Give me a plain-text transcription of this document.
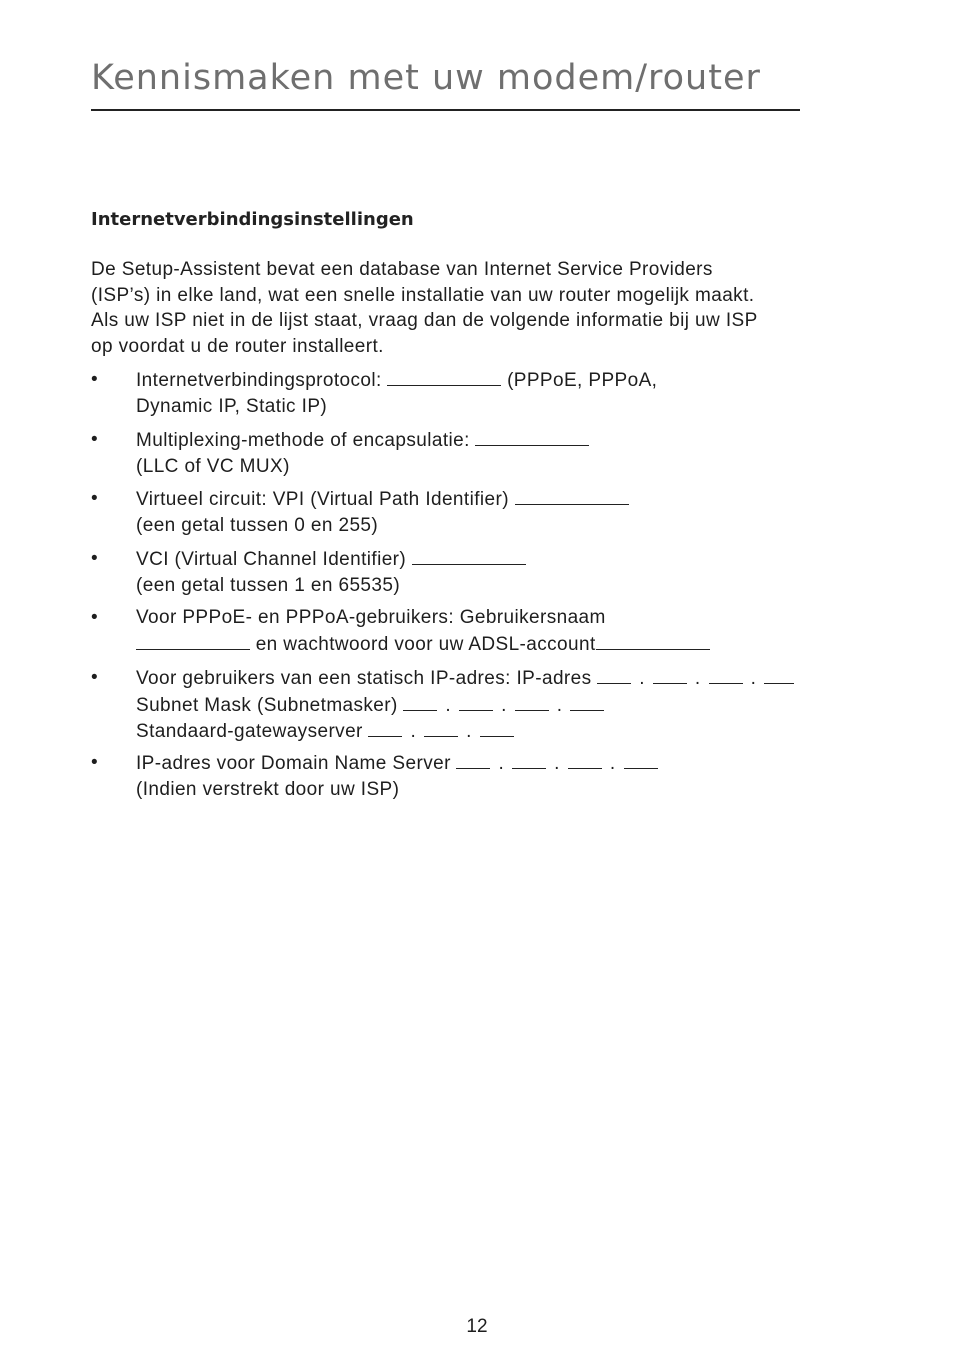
Kennismaken met uw modem/router
Internetverbindingsinstellingen

De Setup-Assistent bevat een database van Internet Service Providers
(ISP’s) in elke land, wat een snelle installatie van uw router mogelijk maakt.
Als uw ISP niet in de lijst staat, vraag dan de volgende informatie bij uw ISP
op voordat u de router installeert.

• Internetverbindingsprotocol:	(PPPoE, PPPoA,
Dynamic IP, Static IP)
• Multiplexing-methode of encapsulatie:
(LLC of VC MUX)
• Virtueel circuit: VPI (Virtual Path Identifier)
(een getal tussen 0 en 255)
• VCI (Virtual Channel Identifier)
(een getal tussen 1 en 65535)
• Voor PPPoE- en PPPoA-gebruikers: Gebruikersnaam
en wachtwoord voor uw ADSL-account
• Voor gebruikers van een statisch IP-adres: IP-adres	.	.	.
Subnet Mask (Subnetmasker)	.	.	.
Standaard-gatewayserver	.	.
• IP-adres voor Domain Name Server	.	.	.
(Indien verstrekt door uw ISP)
12
